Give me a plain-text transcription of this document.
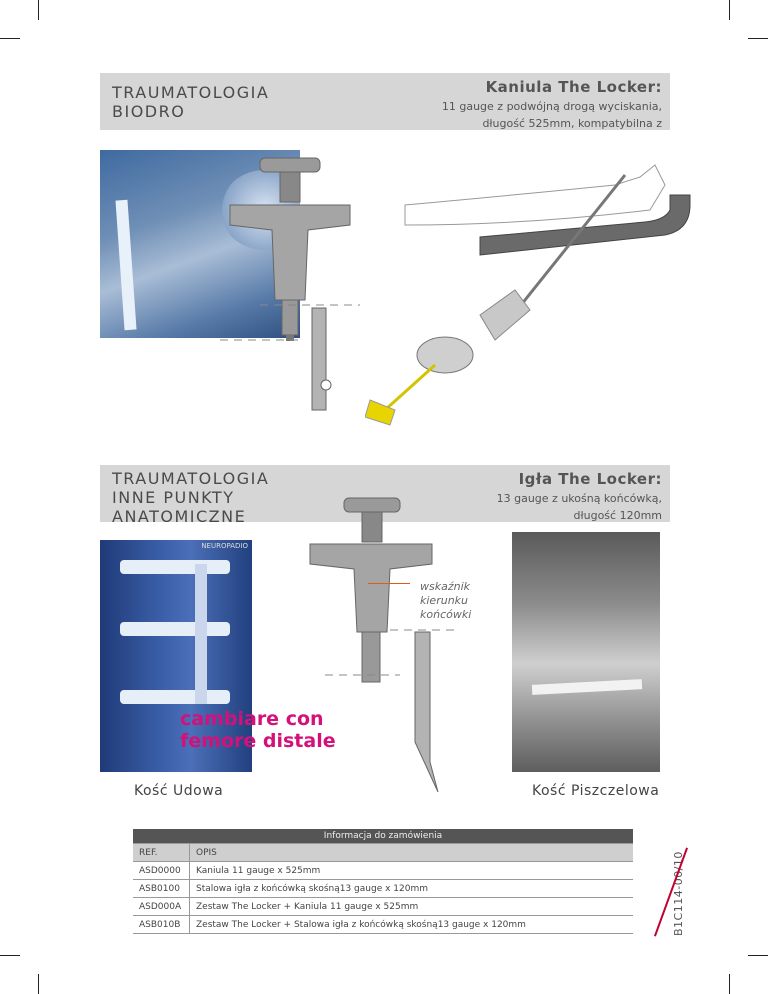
TRAUMATOLOGIA
BIODRO
Kaniula The Locker:
11 gauge z podwójną drogą wyciskania,
długość 525mm, kompatybilna z
TRAUMATOLOGIA
INNE PUNKTY
ANATOMICZNE
Igła The Locker:
13 gauge z ukośną końcówką,
długość 120mm
NEUROPADIO
wskaźnik
kierunku
końcówki
cambiare con
femore distale
Kość Udowa	Kość Piszczelowa
Informacja do zamówienia	
REF.	OPIS
ASD0000	Kaniula 11 gauge x 525mm
ASB0100	Stalowa igła z końcówką skośną13 gauge x 120mm
ASD000A	Zestaw The Locker + Kaniula 11 gauge x 525mm
ASB010B	Zestaw The Locker + Stalowa igła z końcówką skośną13 gauge x 120mm	B1C114-00/10
